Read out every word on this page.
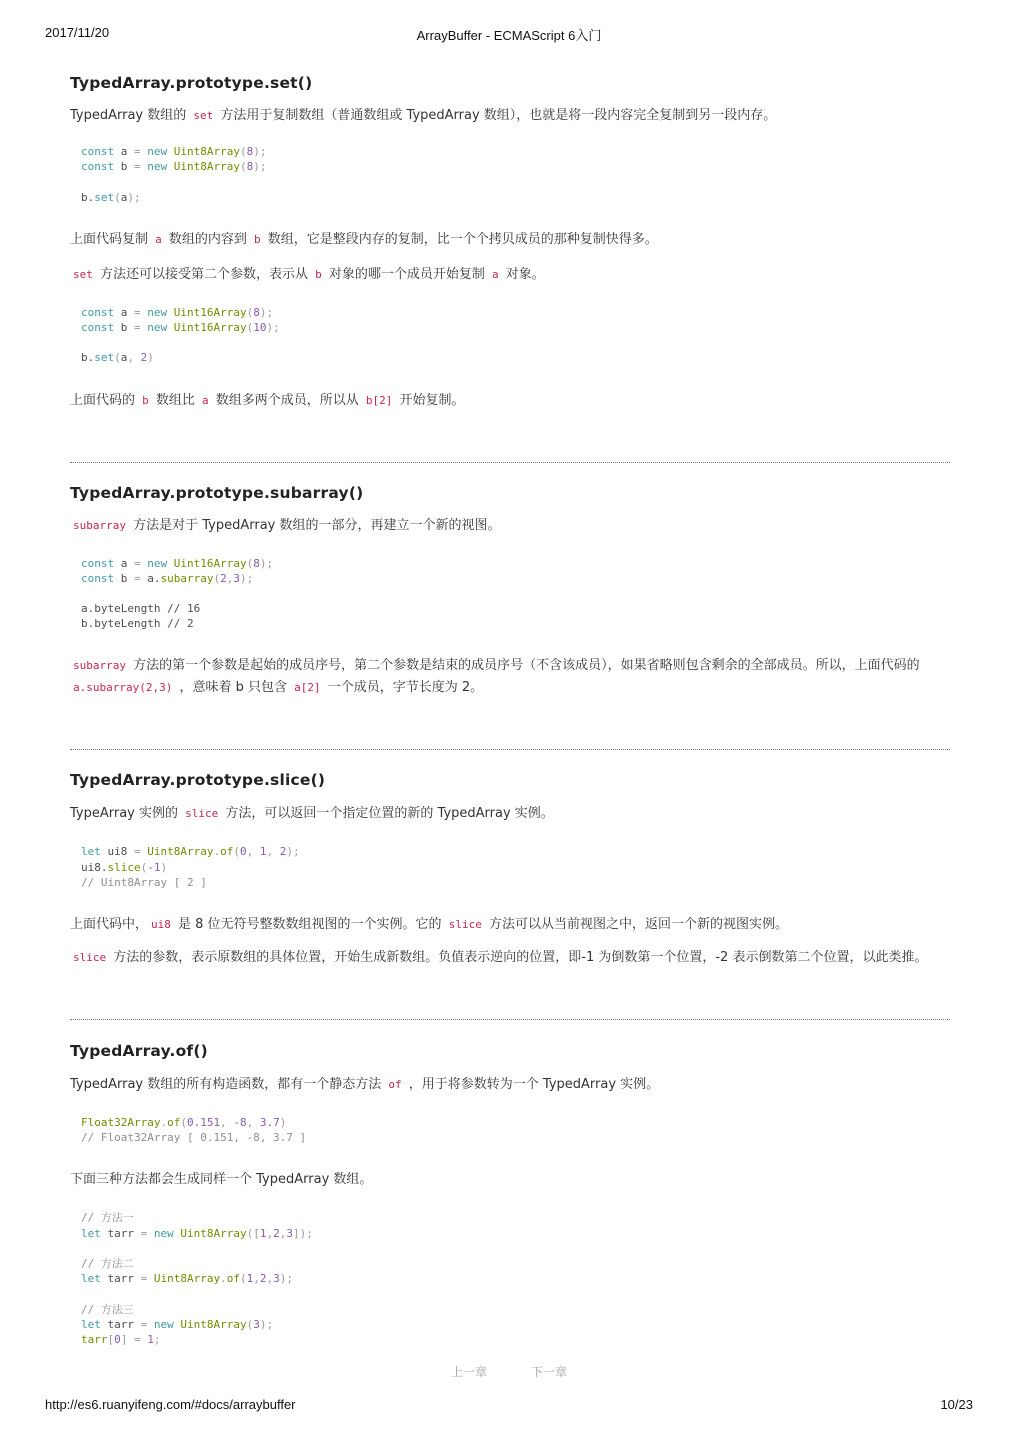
2017/11/20	ArrayBuffer - ECMAScript 6入门
TypedArray.prototype.set()

TypedArray 数组的 set 方法用于复制数组（普通数组或 TypedArray 数组），也就是将一段内容完全复制到另一段内存。

const a = new Uint8Array(8);
const b = new Uint8Array(8);
b.set(a);

上面代码复制 a 数组的内容到 b 数组，它是整段内存的复制，比一个个拷贝成员的那种复制快得多。

set 方法还可以接受第二个参数，表示从 b 对象的哪一个成员开始复制 a 对象。

const a = new Uint16Array(8);
const b = new Uint16Array(10);
b.set(a, 2)

上面代码的 b 数组比 a 数组多两个成员，所以从 b[2] 开始复制。

TypedArray.prototype.subarray()

subarray 方法是对于 TypedArray 数组的一部分，再建立一个新的视图。

const a = new Uint16Array(8);
const b = a.subarray(2,3);
a.byteLength // 16
b.byteLength // 2

subarray 方法的第一个参数是起始的成员序号，第二个参数是结束的成员序号（不含该成员），如果省略则包含剩余的全部成员。所以，上面代码的
a.subarray(2,3) ，意味着 b 只包含 a[2] 一个成员，字节长度为 2。

TypedArray.prototype.slice()

TypeArray 实例的 slice 方法，可以返回一个指定位置的新的 TypedArray 实例。

let ui8 = Uint8Array.of(0, 1, 2);
ui8.slice(-1)
// Uint8Array [ 2 ]

上面代码中， ui8 是 8 位无符号整数数组视图的一个实例。它的 slice 方法可以从当前视图之中，返回一个新的视图实例。

slice 方法的参数，表示原数组的具体位置，开始生成新数组。负值表示逆向的位置，即-1 为倒数第一个位置，-2 表示倒数第二个位置，以此类推。

TypedArray.of()

TypedArray 数组的所有构造函数，都有一个静态方法 of ，用于将参数转为一个 TypedArray 实例。

Float32Array.of(0.151, -8, 3.7)
// Float32Array [ 0.151, -8, 3.7 ]

下面三种方法都会生成同样一个 TypedArray 数组。

// 方法一
let tarr = new Uint8Array([1,2,3]);
// 方法二
let tarr = Uint8Array.of(1,2,3);
// 方法三
let tarr = new Uint8Array(3);
tarr[0] = 1;
上一章	下一章
http://es6.ruanyifeng.com/#docs/arraybuffer	10/23
